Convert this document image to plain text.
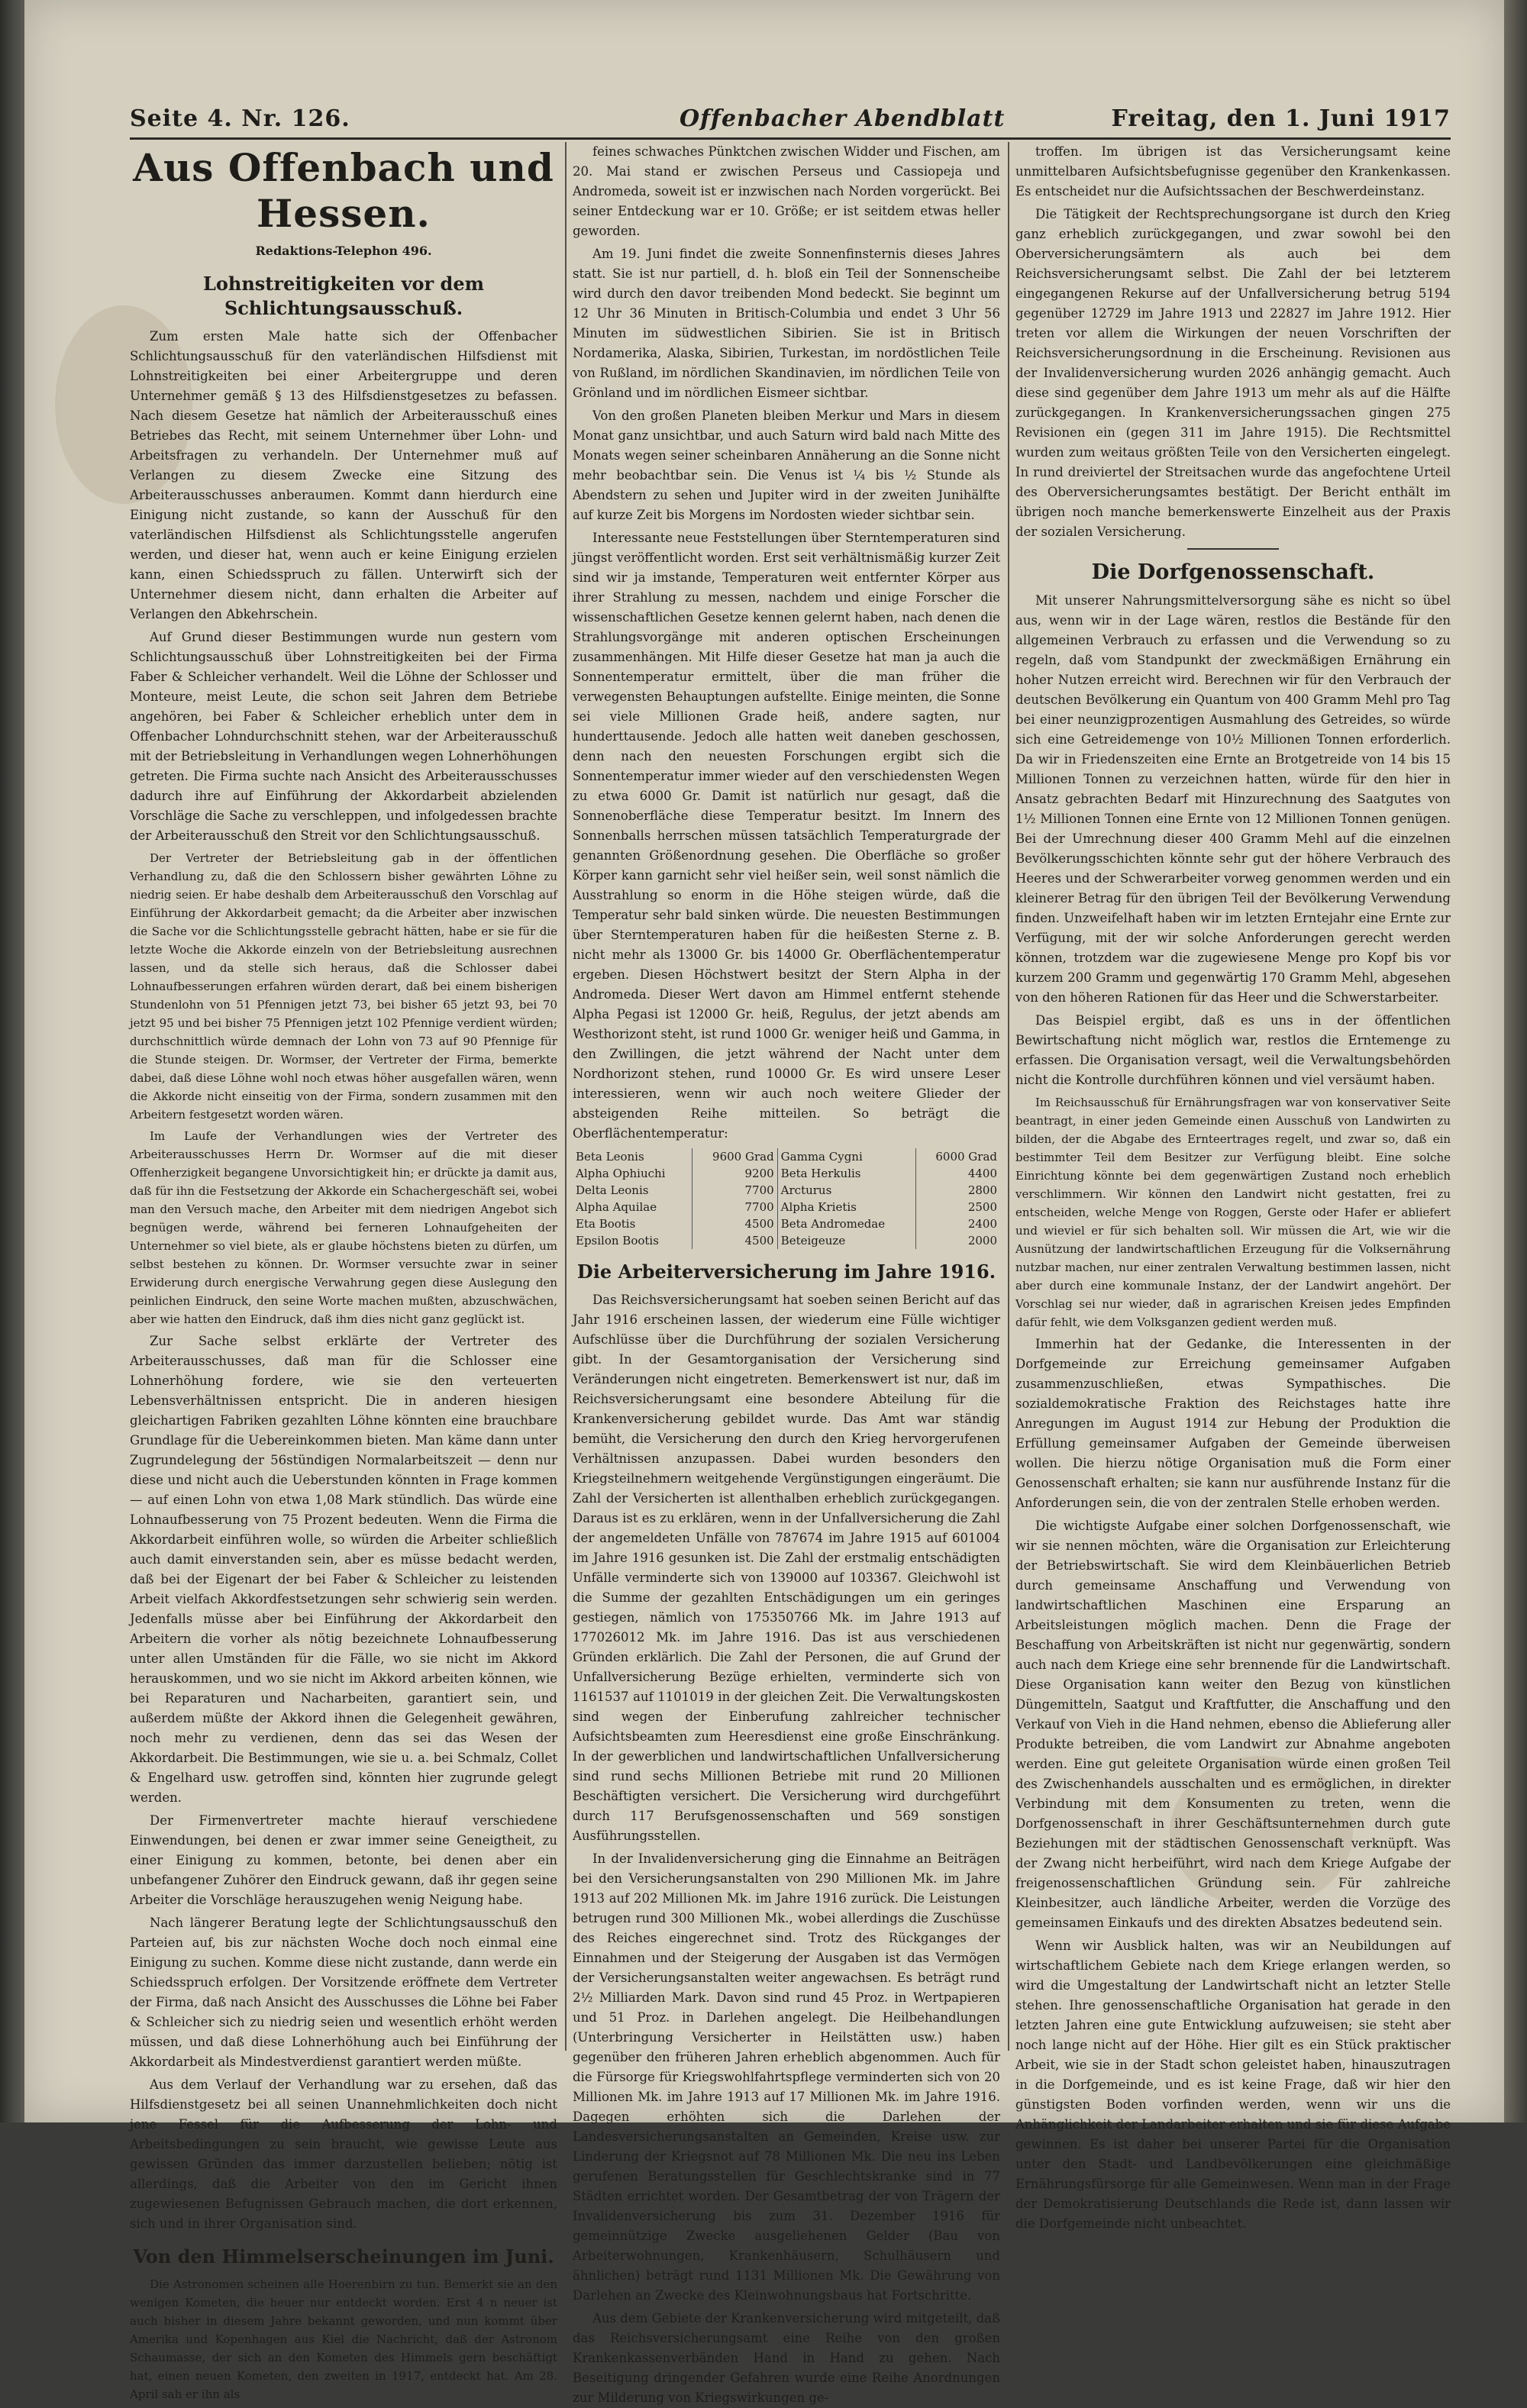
Seite 4. Nr. 126.	Offenbacher Abendblatt	Freitag, den 1. Juni 1917
Aus Offenbach und Hessen.
Redaktions-Telephon 496.
Lohnstreitigkeiten vor dem Schlichtungsausschuß.

Zum ersten Male hatte sich der Offenbacher Schlichtungsausschuß für den vaterländischen Hilfsdienst mit Lohnstreitigkeiten bei einer Arbeitergruppe und deren Unternehmer gemäß § 13 des Hilfsdienstgesetzes zu befassen. Nach diesem Gesetze hat nämlich der Arbeiterausschuß eines Betriebes das Recht, mit seinem Unternehmer über Lohn- und Arbeitsfragen zu verhandeln. Der Unternehmer muß auf Verlangen zu diesem Zwecke eine Sitzung des Arbeiterausschusses anberaumen. Kommt dann hierdurch eine Einigung nicht zustande, so kann der Ausschuß für den vaterländischen Hilfsdienst als Schlichtungsstelle angerufen werden, und dieser hat, wenn auch er keine Einigung erzielen kann, einen Schiedsspruch zu fällen. Unterwirft sich der Unternehmer diesem nicht, dann erhalten die Arbeiter auf Verlangen den Abkehrschein.

Auf Grund dieser Bestimmungen wurde nun gestern vom Schlichtungsausschuß über Lohnstreitigkeiten bei der Firma Faber & Schleicher verhandelt. Weil die Löhne der Schlosser und Monteure, meist Leute, die schon seit Jahren dem Betriebe angehören, bei Faber & Schleicher erheblich unter dem in Offenbacher Lohndurchschnitt stehen, war der Arbeiterausschuß mit der Betriebsleitung in Verhandlungen wegen Lohnerhöhungen getreten. Die Firma suchte nach Ansicht des Arbeiterausschusses dadurch ihre auf Einführung der Akkordarbeit abzielenden Vorschläge die Sache zu verschleppen, und infolgedessen brachte der Arbeiterausschuß den Streit vor den Schlichtungsausschuß.

Der Vertreter der Betriebsleitung gab in der öffentlichen Verhandlung zu, daß die den Schlossern bisher gewährten Löhne zu niedrig seien. Er habe deshalb dem Arbeiterausschuß den Vorschlag auf Einführung der Akkordarbeit gemacht; da die Arbeiter aber inzwischen die Sache vor die Schlichtungsstelle gebracht hätten, habe er sie für die letzte Woche die Akkorde einzeln von der Betriebsleitung ausrechnen lassen, und da stelle sich heraus, daß die Schlosser dabei Lohnaufbesserungen erfahren würden derart, daß bei einem bisherigen Stundenlohn von 51 Pfennigen jetzt 73, bei bisher 65 jetzt 93, bei 70 jetzt 95 und bei bisher 75 Pfennigen jetzt 102 Pfennige verdient würden; durchschnittlich würde demnach der Lohn von 73 auf 90 Pfennige für die Stunde steigen. Dr. Wormser, der Vertreter der Firma, bemerkte dabei, daß diese Löhne wohl noch etwas höher ausgefallen wären, wenn die Akkorde nicht einseitig von der Firma, sondern zusammen mit den Arbeitern festgesetzt worden wären.

Im Laufe der Verhandlungen wies der Vertreter des Arbeiterausschusses Herrn Dr. Wormser auf die mit dieser Offenherzigkeit begangene Unvorsichtigkeit hin; er drückte ja damit aus, daß für ihn die Festsetzung der Akkorde ein Schachergeschäft sei, wobei man den Versuch mache, den Arbeiter mit dem niedrigen Angebot sich begnügen werde, während bei ferneren Lohnaufgeheiten der Unternehmer so viel biete, als er glaube höchstens bieten zu dürfen, um selbst bestehen zu können. Dr. Wormser versuchte zwar in seiner Erwiderung durch energische Verwahrung gegen diese Auslegung den peinlichen Eindruck, den seine Worte machen mußten, abzuschwächen, aber wie hatten den Eindruck, daß ihm dies nicht ganz geglückt ist.

Zur Sache selbst erklärte der Vertreter des Arbeiterausschusses, daß man für die Schlosser eine Lohnerhöhung fordere, wie sie den verteuerten Lebensverhältnissen entspricht. Die in anderen hiesigen gleichartigen Fabriken gezahlten Löhne könnten eine brauchbare Grundlage für die Uebereinkommen bieten. Man käme dann unter Zugrundelegung der 56stündigen Normalarbeitszeit — denn nur diese und nicht auch die Ueberstunden könnten in Frage kommen — auf einen Lohn von etwa 1,08 Mark stündlich. Das würde eine Lohnaufbesserung von 75 Prozent bedeuten. Wenn die Firma die Akkordarbeit einführen wolle, so würden die Arbeiter schließlich auch damit einverstanden sein, aber es müsse bedacht werden, daß bei der Eigenart der bei Faber & Schleicher zu leistenden Arbeit vielfach Akkordfestsetzungen sehr schwierig sein werden. Jedenfalls müsse aber bei Einführung der Akkordarbeit den Arbeitern die vorher als nötig bezeichnete Lohnaufbesserung unter allen Umständen für die Fälle, wo sie nicht im Akkord herauskommen, und wo sie nicht im Akkord arbeiten können, wie bei Reparaturen und Nacharbeiten, garantiert sein, und außerdem müßte der Akkord ihnen die Gelegenheit gewähren, noch mehr zu verdienen, denn das sei das Wesen der Akkordarbeit. Die Bestimmungen, wie sie u. a. bei Schmalz, Collet & Engelhard usw. getroffen sind, könnten hier zugrunde gelegt werden.

Der Firmenvertreter machte hierauf verschiedene Einwendungen, bei denen er zwar immer seine Geneigtheit, zu einer Einigung zu kommen, betonte, bei denen aber ein unbefangener Zuhörer den Eindruck gewann, daß ihr gegen seine Arbeiter die Vorschläge herauszugehen wenig Neigung habe.

Nach längerer Beratung legte der Schlichtungsausschuß den Parteien auf, bis zur nächsten Woche doch noch einmal eine Einigung zu suchen. Komme diese nicht zustande, dann werde ein Schiedsspruch erfolgen. Der Vorsitzende eröffnete dem Vertreter der Firma, daß nach Ansicht des Ausschusses die Löhne bei Faber & Schleicher sich zu niedrig seien und wesentlich erhöht werden müssen, und daß diese Lohnerhöhung auch bei Einführung der Akkordarbeit als Mindestverdienst garantiert werden müßte.

Aus dem Verlauf der Verhandlung war zu ersehen, daß das Hilfsdienstgesetz bei all seinen Unannehmlichkeiten doch nicht jene Fessel für die Aufbesserung der Lohn- und Arbeitsbedingungen zu sein braucht, wie gewisse Leute aus gewissen Gründen das immer darzustellen belieben; nötig ist allerdings, daß die Arbeiter von den im Gericht ihnen zugewiesenen Befugnissen Gebrauch machen, die dort erkennen, sich und in ihrer Organisation sind.

Von den Himmelserscheinungen im Juni.

Die Astronomen scheinen alle Hoerenbirn zu tun. Bemerkt sie an den wenigen Kometen, die heuer nur entdeckt worden. Erst 4 n neuer ist auch bisher in diesem Jahre bekannt geworden, und nun kommt über Amerika und Kopenhagen aus Kiel die Nachricht, daß der Astronom Schaumasse, der sich an den Kometen des Himmels gern beschäftigt hat, einen neuen Kometen, den zweiten in 1917, entdeckt hat. Am 28. April sah er ihn als

feines schwaches Pünktchen zwischen Widder und Fischen, am 20. Mai stand er zwischen Perseus und Cassiopeja und Andromeda, soweit ist er inzwischen nach Norden vorgerückt. Bei seiner Entdeckung war er 10. Größe; er ist seitdem etwas heller geworden.

Am 19. Juni findet die zweite Sonnenfinsternis dieses Jahres statt. Sie ist nur partiell, d. h. bloß ein Teil der Sonnenscheibe wird durch den davor treibenden Mond bedeckt. Sie beginnt um 12 Uhr 36 Minuten in Britisch-Columbia und endet 3 Uhr 56 Minuten im südwestlichen Sibirien. Sie ist in Britisch Nordamerika, Alaska, Sibirien, Turkestan, im nordöstlichen Teile von Rußland, im nördlichen Skandinavien, im nördlichen Teile von Grönland und im nördlichen Eismeer sichtbar.

Von den großen Planeten bleiben Merkur und Mars in diesem Monat ganz unsichtbar, und auch Saturn wird bald nach Mitte des Monats wegen seiner scheinbaren Annäherung an die Sonne nicht mehr beobachtbar sein. Die Venus ist ¼ bis ½ Stunde als Abendstern zu sehen und Jupiter wird in der zweiten Junihälfte auf kurze Zeit bis Morgens im Nordosten wieder sichtbar sein.

Interessante neue Feststellungen über Sterntemperaturen sind jüngst veröffentlicht worden. Erst seit verhältnismäßig kurzer Zeit sind wir ja imstande, Temperaturen weit entfernter Körper aus ihrer Strahlung zu messen, nachdem und einige Forscher die wissenschaftlichen Gesetze kennen gelernt haben, nach denen die Strahlungsvorgänge mit anderen optischen Erscheinungen zusammenhängen. Mit Hilfe dieser Gesetze hat man ja auch die Sonnentemperatur ermittelt, über die man früher die verwegensten Behauptungen aufstellte. Einige meinten, die Sonne sei viele Millionen Grade heiß, andere sagten, nur hunderttausende. Jedoch alle hatten weit daneben geschossen, denn nach den neuesten Forschungen ergibt sich die Sonnentemperatur immer wieder auf den verschiedensten Wegen zu etwa 6000 Gr. Damit ist natürlich nur gesagt, daß die Sonnenoberfläche diese Temperatur besitzt. Im Innern des Sonnenballs herrschen müssen tatsächlich Temperaturgrade der genannten Größenordnung gesehen. Die Oberfläche so großer Körper kann garnicht sehr viel heißer sein, weil sonst nämlich die Ausstrahlung so enorm in die Höhe steigen würde, daß die Temperatur sehr bald sinken würde. Die neuesten Bestimmungen über Sterntemperaturen haben für die heißesten Sterne z. B. nicht mehr als 13000 Gr. bis 14000 Gr. Oberflächentemperatur ergeben. Diesen Höchstwert besitzt der Stern Alpha in der Andromeda. Dieser Wert davon am Himmel entfernt stehende Alpha Pegasi ist 12000 Gr. heiß, Regulus, der jetzt abends am Westhorizont steht, ist rund 1000 Gr. weniger heiß und Gamma, in den Zwillingen, die jetzt während der Nacht unter dem Nordhorizont stehen, rund 10000 Gr. Es wird unsere Leser interessieren, wenn wir auch noch weitere Glieder der absteigenden Reihe mitteilen. So beträgt die Oberflächentemperatur:

Beta Leonis	9600 Grad	Gamma Cygni	6000 Grad
Alpha Ophiuchi	9200	Beta Herkulis	4400
Delta Leonis	7700	Arcturus	2800
Alpha Aquilae	7700	Alpha Krietis	2500
Eta Bootis	4500	Beta Andromedae	2400
Epsilon Bootis	4500	Beteigeuze	2000
Die Arbeiterversicherung im Jahre 1916.

Das Reichsversicherungsamt hat soeben seinen Bericht auf das Jahr 1916 erscheinen lassen, der wiederum eine Fülle wichtiger Aufschlüsse über die Durchführung der sozialen Versicherung gibt. In der Gesamtorganisation der Versicherung sind Veränderungen nicht eingetreten. Bemerkenswert ist nur, daß im Reichsversicherungsamt eine besondere Abteilung für die Krankenversicherung gebildet wurde. Das Amt war ständig bemüht, die Versicherung den durch den Krieg hervorgerufenen Verhältnissen anzupassen. Dabei wurden besonders den Kriegsteilnehmern weitgehende Vergünstigungen eingeräumt. Die Zahl der Versicherten ist allenthalben erheblich zurückgegangen. Daraus ist es zu erklären, wenn in der Unfallversicherung die Zahl der angemeldeten Unfälle von 787674 im Jahre 1915 auf 601004 im Jahre 1916 gesunken ist. Die Zahl der erstmalig entschädigten Unfälle verminderte sich von 139000 auf 103367. Gleichwohl ist die Summe der gezahlten Entschädigungen um ein geringes gestiegen, nämlich von 175350766 Mk. im Jahre 1913 auf 177026012 Mk. im Jahre 1916. Das ist aus verschiedenen Gründen erklärlich. Die Zahl der Personen, die auf Grund der Unfallversicherung Bezüge erhielten, verminderte sich von 1161537 auf 1101019 in der gleichen Zeit. Die Verwaltungskosten sind wegen der Einberufung zahlreicher technischer Aufsichtsbeamten zum Heeresdienst eine große Einschränkung. In der gewerblichen und landwirtschaftlichen Unfallversicherung sind rund sechs Millionen Betriebe mit rund 20 Millionen Beschäftigten versichert. Die Versicherung wird durchgeführt durch 117 Berufsgenossenschaften und 569 sonstigen Ausführungsstellen.

In der Invalidenversicherung ging die Einnahme an Beiträgen bei den Versicherungsanstalten von 290 Millionen Mk. im Jahre 1913 auf 202 Millionen Mk. im Jahre 1916 zurück. Die Leistungen betrugen rund 300 Millionen Mk., wobei allerdings die Zuschüsse des Reiches eingerechnet sind. Trotz des Rückganges der Einnahmen und der Steigerung der Ausgaben ist das Vermögen der Versicherungsanstalten weiter angewachsen. Es beträgt rund 2½ Milliarden Mark. Davon sind rund 45 Proz. in Wertpapieren und 51 Proz. in Darlehen angelegt. Die Heilbehandlungen (Unterbringung Versicherter in Heilstätten usw.) haben gegenüber den früheren Jahren erheblich abgenommen. Auch für die Fürsorge für Kriegswohlfahrtspflege verminderten sich von 20 Millionen Mk. im Jahre 1913 auf 17 Millionen Mk. im Jahre 1916. Dagegen erhöhten sich die Darlehen der Landesversicherungsanstalten an Gemeinden, Kreise usw. zur Linderung der Kriegsnot auf 78 Millionen Mk. Die neu ins Leben gerufenen Beratungsstellen für Geschlechtskranke sind in 77 Städten errichtet worden. Der Gesamtbetrag der von Trägern der Invalidenversicherung bis zum 31. Dezember 1916 für gemeinnützige Zwecke ausgeliehenen Gelder (Bau von Arbeiterwohnungen, Krankenhäusern, Schulhäusern und ähnlichen) beträgt rund 1131 Millionen Mk. Die Gewährung von Darlehen an Zwecke des Kleinwohnungsbaus hat Fortschritte.

Aus dem Gebiete der Krankenversicherung wird mitgeteilt, daß das Reichsversicherungsamt eine Reihe von den großen Krankenkassenverbänden Hand in Hand zu gehen. Nach Beseitigung dringender Gefahren wurde eine Reihe Anordnungen zur Milderung von Kriegswirkungen ge-

troffen. Im übrigen ist das Versicherungsamt keine unmittelbaren Aufsichtsbefugnisse gegenüber den Krankenkassen. Es entscheidet nur die Aufsichtssachen der Beschwerdeinstanz.

Die Tätigkeit der Rechtsprechungsorgane ist durch den Krieg ganz erheblich zurückgegangen, und zwar sowohl bei den Oberversicherungsämtern als auch bei dem Reichsversicherungsamt selbst. Die Zahl der bei letzterem eingegangenen Rekurse auf der Unfallversicherung betrug 5194 gegenüber 12729 im Jahre 1913 und 22827 im Jahre 1912. Hier treten vor allem die Wirkungen der neuen Vorschriften der Reichsversicherungsordnung in die Erscheinung. Revisionen aus der Invalidenversicherung wurden 2026 anhängig gemacht. Auch diese sind gegenüber dem Jahre 1913 um mehr als auf die Hälfte zurückgegangen. In Krankenversicherungssachen gingen 275 Revisionen ein (gegen 311 im Jahre 1915). Die Rechtsmittel wurden zum weitaus größten Teile von den Versicherten eingelegt. In rund dreiviertel der Streitsachen wurde das angefochtene Urteil des Oberversicherungsamtes bestätigt. Der Bericht enthält im übrigen noch manche bemerkenswerte Einzelheit aus der Praxis der sozialen Versicherung.

Die Dorfgenossenschaft.

Mit unserer Nahrungsmittelversorgung sähe es nicht so übel aus, wenn wir in der Lage wären, restlos die Bestände für den allgemeinen Verbrauch zu erfassen und die Verwendung so zu regeln, daß vom Standpunkt der zweckmäßigen Ernährung ein hoher Nutzen erreicht wird. Berechnen wir für den Verbrauch der deutschen Bevölkerung ein Quantum von 400 Gramm Mehl pro Tag bei einer neunzigprozentigen Ausmahlung des Getreides, so würde sich eine Getreidemenge von 10½ Millionen Tonnen erforderlich. Da wir in Friedenszeiten eine Ernte an Brotgetreide von 14 bis 15 Millionen Tonnen zu verzeichnen hatten, würde für den hier in Ansatz gebrachten Bedarf mit Hinzurechnung des Saatgutes von 1½ Millionen Tonnen eine Ernte von 12 Millionen Tonnen genügen. Bei der Umrechnung dieser 400 Gramm Mehl auf die einzelnen Bevölkerungsschichten könnte sehr gut der höhere Verbrauch des Heeres und der Schwerarbeiter vorweg genommen werden und ein kleinerer Betrag für den übrigen Teil der Bevölkerung Verwendung finden. Unzweifelhaft haben wir im letzten Erntejahr eine Ernte zur Verfügung, mit der wir solche Anforderungen gerecht werden können, trotzdem war die zugewiesene Menge pro Kopf bis vor kurzem 200 Gramm und gegenwärtig 170 Gramm Mehl, abgesehen von den höheren Rationen für das Heer und die Schwerstarbeiter.

Das Beispiel ergibt, daß es uns in der öffentlichen Bewirtschaftung nicht möglich war, restlos die Erntemenge zu erfassen. Die Organisation versagt, weil die Verwaltungsbehörden nicht die Kontrolle durchführen können und viel versäumt haben.

Im Reichsausschuß für Ernährungsfragen war von konservativer Seite beantragt, in einer jeden Gemeinde einen Ausschuß von Landwirten zu bilden, der die Abgabe des Ernteertrages regelt, und zwar so, daß ein bestimmter Teil dem Besitzer zur Verfügung bleibt. Eine solche Einrichtung könnte bei dem gegenwärtigen Zustand noch erheblich verschlimmern. Wir können den Landwirt nicht gestatten, frei zu entscheiden, welche Menge von Roggen, Gerste oder Hafer er abliefert und wieviel er für sich behalten soll. Wir müssen die Art, wie wir die Ausnützung der landwirtschaftlichen Erzeugung für die Volksernährung nutzbar machen, nur einer zentralen Verwaltung bestimmen lassen, nicht aber durch eine kommunale Instanz, der der Landwirt angehört. Der Vorschlag sei nur wieder, daß in agrarischen Kreisen jedes Empfinden dafür fehlt, wie dem Volksganzen gedient werden muß.

Immerhin hat der Gedanke, die Interessenten in der Dorfgemeinde zur Erreichung gemeinsamer Aufgaben zusammenzuschließen, etwas Sympathisches. Die sozialdemokratische Fraktion des Reichstages hatte ihre Anregungen im August 1914 zur Hebung der Produktion die Erfüllung gemeinsamer Aufgaben der Gemeinde überweisen wollen. Die hierzu nötige Organisation muß die Form einer Genossenschaft erhalten; sie kann nur ausführende Instanz für die Anforderungen sein, die von der zentralen Stelle erhoben werden.

Die wichtigste Aufgabe einer solchen Dorfgenossenschaft, wie wir sie nennen möchten, wäre die Organisation zur Erleichterung der Betriebswirtschaft. Sie wird dem Kleinbäuerlichen Betrieb durch gemeinsame Anschaffung und Verwendung von landwirtschaftlichen Maschinen eine Ersparung an Arbeitsleistungen möglich machen. Denn die Frage der Beschaffung von Arbeitskräften ist nicht nur gegenwärtig, sondern auch nach dem Kriege eine sehr brennende für die Landwirtschaft. Diese Organisation kann weiter den Bezug von künstlichen Düngemitteln, Saatgut und Kraftfutter, die Anschaffung und den Verkauf von Vieh in die Hand nehmen, ebenso die Ablieferung aller Produkte betreiben, die vom Landwirt zur Abnahme angeboten werden. Eine gut geleitete Organisation würde einen großen Teil des Zwischenhandels ausschalten und es ermöglichen, in direkter Verbindung mit dem Konsumenten zu treten, wenn die Dorfgenossenschaft in ihrer Geschäftsunternehmen durch gute Beziehungen mit der städtischen Genossenschaft verknüpft. Was der Zwang nicht herbeiführt, wird nach dem Kriege Aufgabe der freigenossenschaftlichen Gründung sein. Für zahlreiche Kleinbesitzer, auch ländliche Arbeiter, werden die Vorzüge des gemeinsamen Einkaufs und des direkten Absatzes bedeutend sein.

Wenn wir Ausblick halten, was wir an Neubildungen auf wirtschaftlichem Gebiete nach dem Kriege erlangen werden, so wird die Umgestaltung der Landwirtschaft nicht an letzter Stelle stehen. Ihre genossenschaftliche Organisation hat gerade in den letzten Jahren eine gute Entwicklung aufzuweisen; sie steht aber noch lange nicht auf der Höhe. Hier gilt es ein Stück praktischer Arbeit, wie sie in der Stadt schon geleistet haben, hinauszutragen in die Dorfgemeinde, und es ist keine Frage, daß wir hier den günstigsten Boden vorfinden werden, wenn wir uns die Anhänglichkeit der Landarbeiter erhalten und sie für diese Aufgabe gewinnen. Es ist daher bei unserer Partei für die Organisation unter den Stadt- und Landbevölkerungen eine gleichmäßige Ernährungsfürsorge für alle Gemeinwesen. Wenn man in der Frage der Demokratisierung Deutschlands die Rede ist, dann lassen wir die Dorfgemeinde nicht unbeachtet.
